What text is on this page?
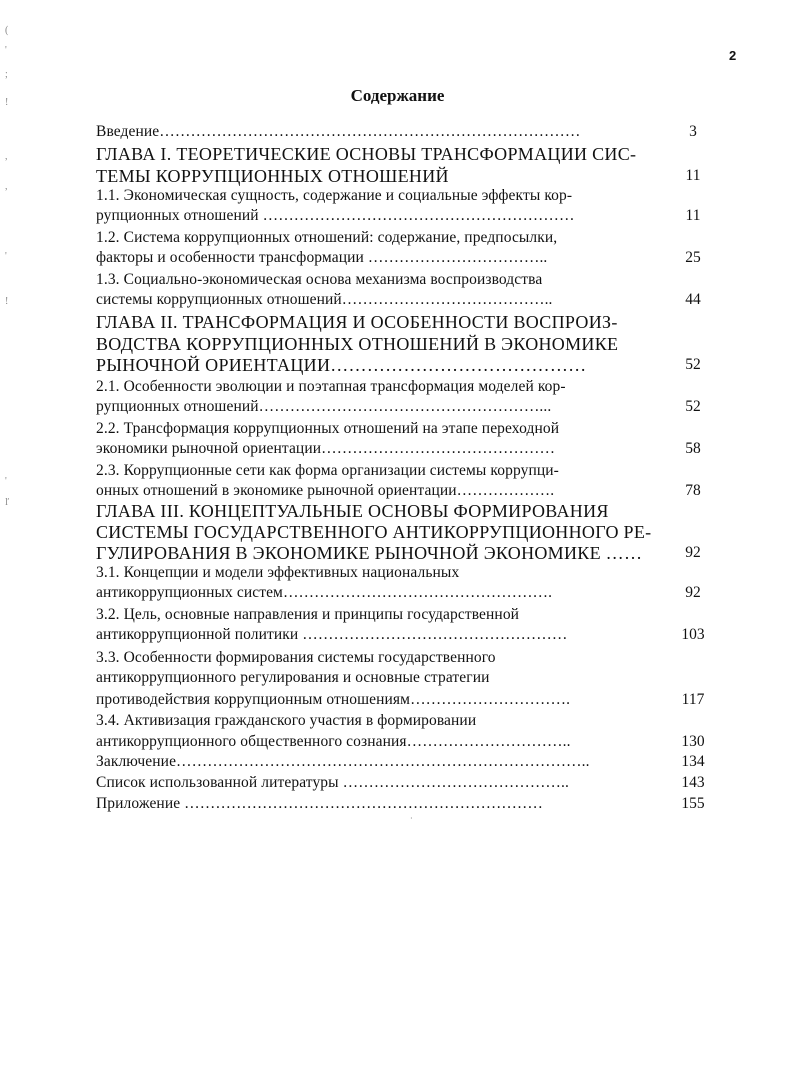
2
Содержание
(
'
;
!
,
,
'
!
'
ľ
Введение………………………………………………………………………	3
ГЛАВА I. ТЕОРЕТИЧЕСКИЕ ОСНОВЫ ТРАНСФОРМАЦИИ СИС-
ТЕМЫ КОРРУПЦИОННЫХ ОТНОШЕНИЙ	11
1.1. Экономическая сущность, содержание и социальные эффекты кор-
рупционных отношений ……………………………………………………	11
1.2. Система коррупционных отношений: содержание, предпосылки,
факторы и особенности трансформации ……………………………..	25
1.3. Социально-экономическая основа механизма воспроизводства
системы коррупционных отношений…………………………………..	44
ГЛАВА II. ТРАНСФОРМАЦИЯ И ОСОБЕННОСТИ ВОСПРОИЗ-
ВОДСТВА КОРРУПЦИОННЫХ ОТНОШЕНИЙ В ЭКОНОМИКЕ
РЫНОЧНОЙ ОРИЕНТАЦИИ……………………………………	52
2.1. Особенности эволюции и поэтапная трансформация моделей кор-
рупционных отношений………………………………………………...	52
2.2. Трансформация коррупционных отношений на этапе переходной
экономики рыночной ориентации………………………………………	58
2.3. Коррупционные сети как форма организации системы коррупци-
онных отношений в экономике рыночной ориентации……………….	78
ГЛАВА III. КОНЦЕПТУАЛЬНЫЕ ОСНОВЫ ФОРМИРОВАНИЯ
СИСТЕМЫ ГОСУДАРСТВЕННОГО АНТИКОРРУПЦИОННОГО РЕ-
ГУЛИРОВАНИЯ В ЭКОНОМИКЕ РЫНОЧНОЙ ЭКОНОМИКЕ ……	92
3.1. Концепции и модели эффективных национальных
антикоррупционных систем…………………………………………….	92
3.2. Цель, основные направления и принципы государственной
антикоррупционной политики ……………………………………………	103
3.3. Особенности формирования системы государственного
антикоррупционного регулирования и основные стратегии
противодействия коррупционным отношениям………………………….	117
3.4. Активизация гражданского участия в формировании
антикоррупционного общественного сознания…………………………..	130
Заключение……………………………………………………………………..	134
Список использованной литературы ……………………………………..	143
Приложение ……………………………………………………………	155
·
